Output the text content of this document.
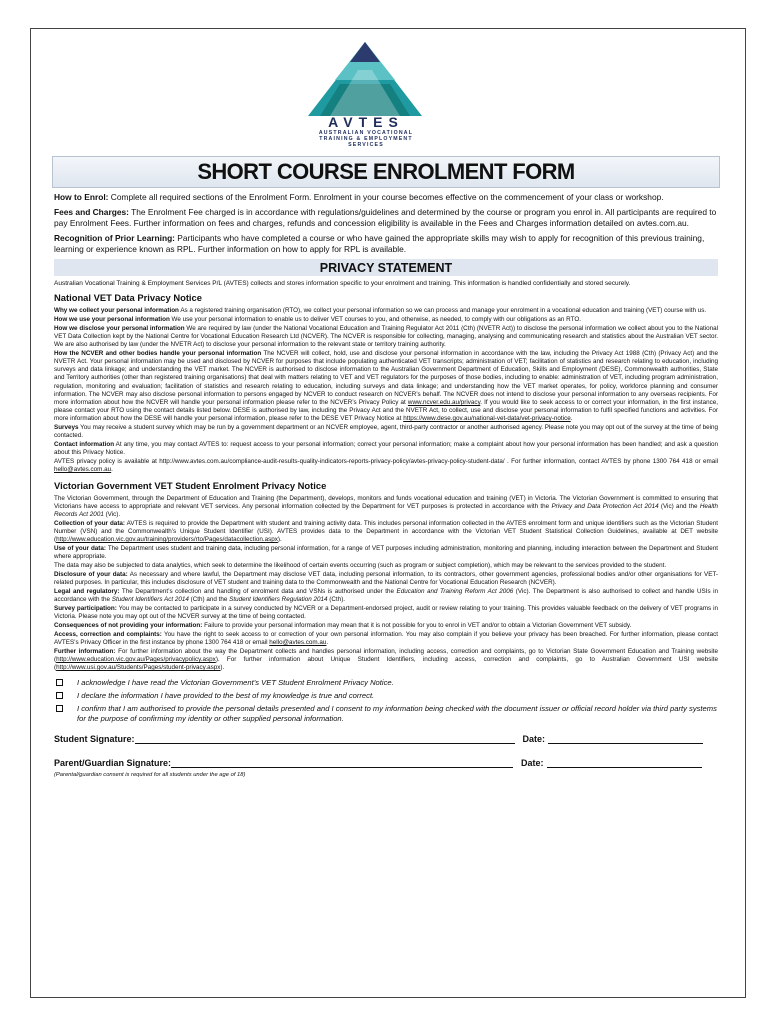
AVTES
AUSTRALIAN VOCATIONAL
TRAINING & EMPLOYMENT
SERVICES
SHORT COURSE ENROLMENT FORM

How to Enrol: Complete all required sections of the Enrolment Form. Enrolment in your course becomes effective on the commencement of your class or workshop.

Fees and Charges: The Enrolment Fee charged is in accordance with regulations/guidelines and determined by the course or program you enrol in. All participants are required to pay Enrolment Fees. Further information on fees and charges, refunds and concession eligibility is available in the Fees and Charges information detailed on avtes.com.au.

Recognition of Prior Learning: Participants who have completed a course or who have gained the appropriate skills may wish to apply for recognition of this previous training, learning or experience known as RPL. Further information on how to apply for RPL is available.

PRIVACY STATEMENT
Australian Vocational Training & Employment Services P/L (AVTES) collects and stores information specific to your enrolment and training. This information is handled confidentially and stored securely.
National VET Data Privacy Notice

Why we collect your personal information As a registered training organisation (RTO), we collect your personal information so we can process and manage your enrolment in a vocational education and training (VET) course with us.

How we use your personal information We use your personal information to enable us to deliver VET courses to you, and otherwise, as needed, to comply with our obligations as an RTO.

How we disclose your personal information We are required by law (under the National Vocational Education and Training Regulator Act 2011 (Cth) (NVETR Act)) to disclose the personal information we collect about you to the National VET Data Collection kept by the National Centre for Vocational Education Research Ltd (NCVER). The NCVER is responsible for collecting, managing, analysing and communicating research and statistics about the Australian VET sector. We are also authorised by law (under the NVETR Act) to disclose your personal information to the relevant state or territory training authority.

How the NCVER and other bodies handle your personal information The NCVER will collect, hold, use and disclose your personal information in accordance with the law, including the Privacy Act 1988 (Cth) (Privacy Act) and the NVETR Act. Your personal information may be used and disclosed by NCVER for purposes that include populating authenticated VET transcripts; administration of VET; facilitation of statistics and research relating to education, including surveys and data linkage; and understanding the VET market. The NCVER is authorised to disclose information to the Australian Government Department of Education, Skills and Employment (DESE), Commonwealth authorities, State and Territory authorities (other than registered training organisations) that deal with matters relating to VET and VET regulators for the purposes of those bodies, including to enable: administration of VET, including program administration, regulation, monitoring and evaluation; facilitation of statistics and research relating to education, including surveys and data linkage; and understanding how the VET market operates, for policy, workforce planning and consumer information. The NCVER may also disclose personal information to persons engaged by NCVER to conduct research on NCVER’s behalf. The NCVER does not intend to disclose your personal information to any overseas recipients. For more information about how the NCVER will handle your personal information please refer to the NCVER’s Privacy Policy at www.ncver.edu.au/privacy. If you would like to seek access to or correct your information, in the first instance, please contact your RTO using the contact details listed below. DESE is authorised by law, including the Privacy Act and the NVETR Act, to collect, use and disclose your personal information to fulfil specified functions and activities. For more information about how the DESE will handle your personal information, please refer to the DESE VET Privacy Notice at https://www.dese.gov.au/national-vet-data/vet-privacy-notice.

Surveys You may receive a student survey which may be run by a government department or an NCVER employee, agent, third-party contractor or another authorised agency. Please note you may opt out of the survey at the time of being contacted.

Contact information At any time, you may contact AVTES to: request access to your personal information; correct your personal information; make a complaint about how your personal information has been handled; and ask a question about this Privacy Notice.

AVTES privacy policy is available at http://www.avtes.com.au/compliance-audit-results-quality-indicators-reports-privacy-policy/avtes-privacy-policy-student-data/ . For further information, contact AVTES by phone 1300 764 418 or email hello@avtes.com.au.

Victorian Government VET Student Enrolment Privacy Notice

The Victorian Government, through the Department of Education and Training (the Department), develops, monitors and funds vocational education and training (VET) in Victoria. The Victorian Government is committed to ensuring that Victorians have access to appropriate and relevant VET services. Any personal information collected by the Department for VET purposes is protected in accordance with the Privacy and Data Protection Act 2014 (Vic) and the Health Records Act 2001 (Vic).

Collection of your data: AVTES is required to provide the Department with student and training activity data. This includes personal information collected in the AVTES enrolment form and unique identifiers such as the Victorian Student Number (VSN) and the Commonwealth’s Unique Student Identifier (USI). AVTES provides data to the Department in accordance with the Victorian VET Student Statistical Collection Guidelines, available at DET website (http://www.education.vic.gov.au/training/providers/rto/Pages/datacollection.aspx).

Use of your data: The Department uses student and training data, including personal information, for a range of VET purposes including administration, monitoring and planning, including interaction between the Department and Student where appropriate.

The data may also be subjected to data analytics, which seek to determine the likelihood of certain events occurring (such as program or subject completion), which may be relevant to the services provided to the student.

Disclosure of your data: As necessary and where lawful, the Department may disclose VET data, including personal information, to its contractors, other government agencies, professional bodies and/or other organisations for VET-related purposes. In particular, this includes disclosure of VET student and training data to the Commonwealth and the National Centre for Vocational Education Research (NCVER).

Legal and regulatory: The Department’s collection and handling of enrolment data and VSNs is authorised under the Education and Training Reform Act 2006 (Vic). The Department is also authorised to collect and handle USIs in accordance with the Student Identifiers Act 2014 (Cth) and the Student Identifiers Regulation 2014 (Cth).

Survey participation: You may be contacted to participate in a survey conducted by NCVER or a Department-endorsed project, audit or review relating to your training. This provides valuable feedback on the delivery of VET programs in Victoria. Please note you may opt out of the NCVER survey at the time of being contacted.

Consequences of not providing your information: Failure to provide your personal information may mean that it is not possible for you to enrol in VET and/or to obtain a Victorian Government VET subsidy.

Access, correction and complaints: You have the right to seek access to or correction of your own personal information. You may also complain if you believe your privacy has been breached. For further information, please contact AVTES’s Privacy Officer in the first instance by phone 1300 764 418 or email hello@avtes.com.au.

Further information: For further information about the way the Department collects and handles personal information, including access, correction and complaints, go to Victorian State Government Education and Training website (http://www.education.vic.gov.au/Pages/privacypolicy.aspx). For further information about Unique Student Identifiers, including access, correction and complaints, go to Australian Government USI website (http://www.usi.gov.au/Students/Pages/student-privacy.aspx).

I acknowledge I have read the Victorian Government’s VET Student Enrolment Privacy Notice.
I declare the information I have provided to the best of my knowledge is true and correct.
I confirm that I am authorised to provide the personal details presented and I consent to my information being checked with the document issuer or official record holder via third party systems for the purpose of confirming my identity or other supplied personal information.
Student Signature:	Date:
Parent/Guardian Signature:	Date:
(Parental/guardian consent is required for all students under the age of 18)
